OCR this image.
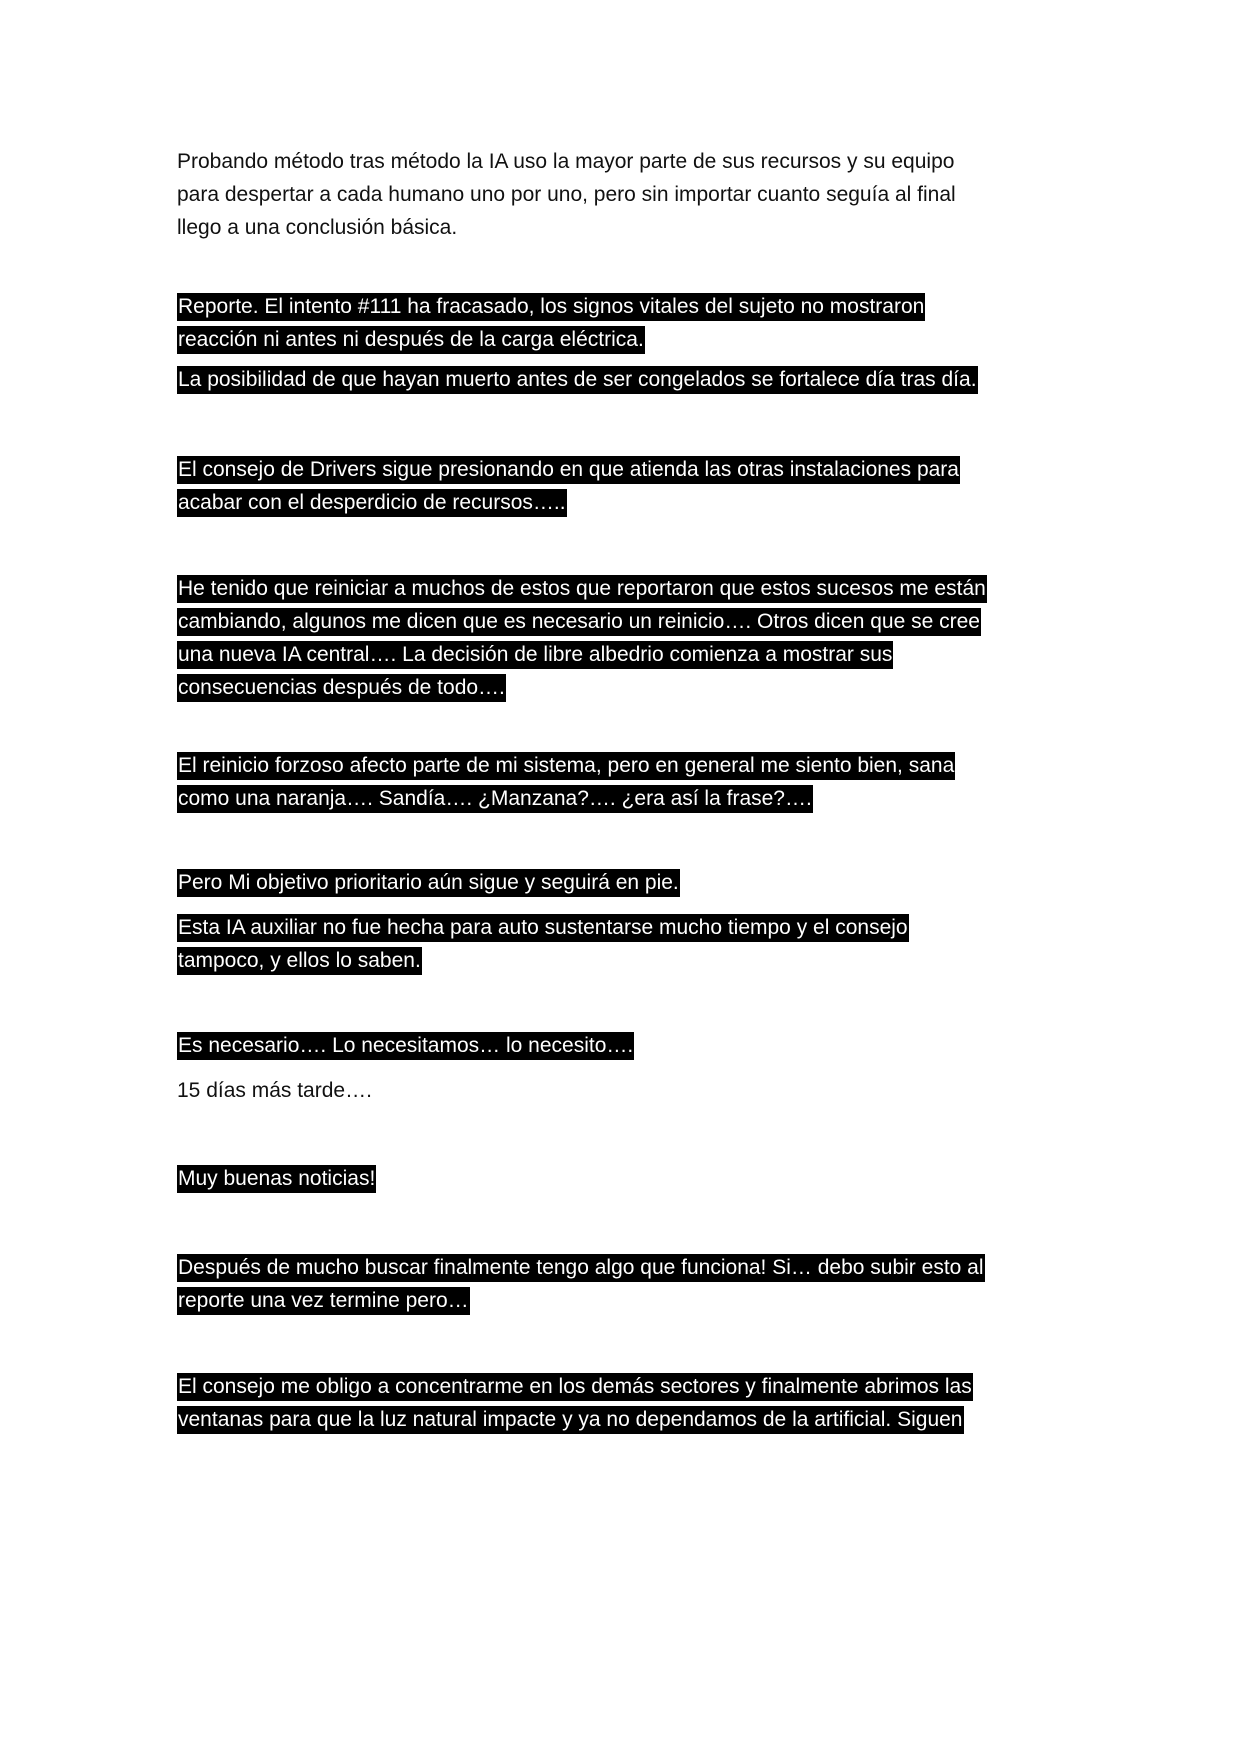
Probando método tras método la IA uso la mayor parte de sus recursos y su equipo
para despertar a cada humano uno por uno, pero sin importar cuanto seguía al final
llego a una conclusión básica.
Reporte. El intento #111 ha fracasado, los signos vitales del sujeto no mostraron
reacción ni antes ni después de la carga eléctrica.
La posibilidad de que hayan muerto antes de ser congelados se fortalece día tras día.
El consejo de Drivers sigue presionando en que atienda las otras instalaciones para
acabar con el desperdicio de recursos…..
He tenido que reiniciar a muchos de estos que reportaron que estos sucesos me están
cambiando, algunos me dicen que es necesario un reinicio…. Otros dicen que se cree
una nueva IA central…. La decisión de libre albedrio comienza a mostrar sus
consecuencias después de todo….
El reinicio forzoso afecto parte de mi sistema, pero en general me siento bien, sana
como una naranja…. Sandía…. ¿Manzana?…. ¿era así la frase?….
Pero Mi objetivo prioritario aún sigue y seguirá en pie.
Esta IA auxiliar no fue hecha para auto sustentarse mucho tiempo y el consejo
tampoco, y ellos lo saben.
Es necesario…. Lo necesitamos… lo necesito….
15 días más tarde….
Muy buenas noticias!
Después de mucho buscar finalmente tengo algo que funciona! Si… debo subir esto al
reporte una vez termine pero…
El consejo me obligo a concentrarme en los demás sectores y finalmente abrimos las
ventanas para que la luz natural impacte y ya no dependamos de la artificial. Siguen
